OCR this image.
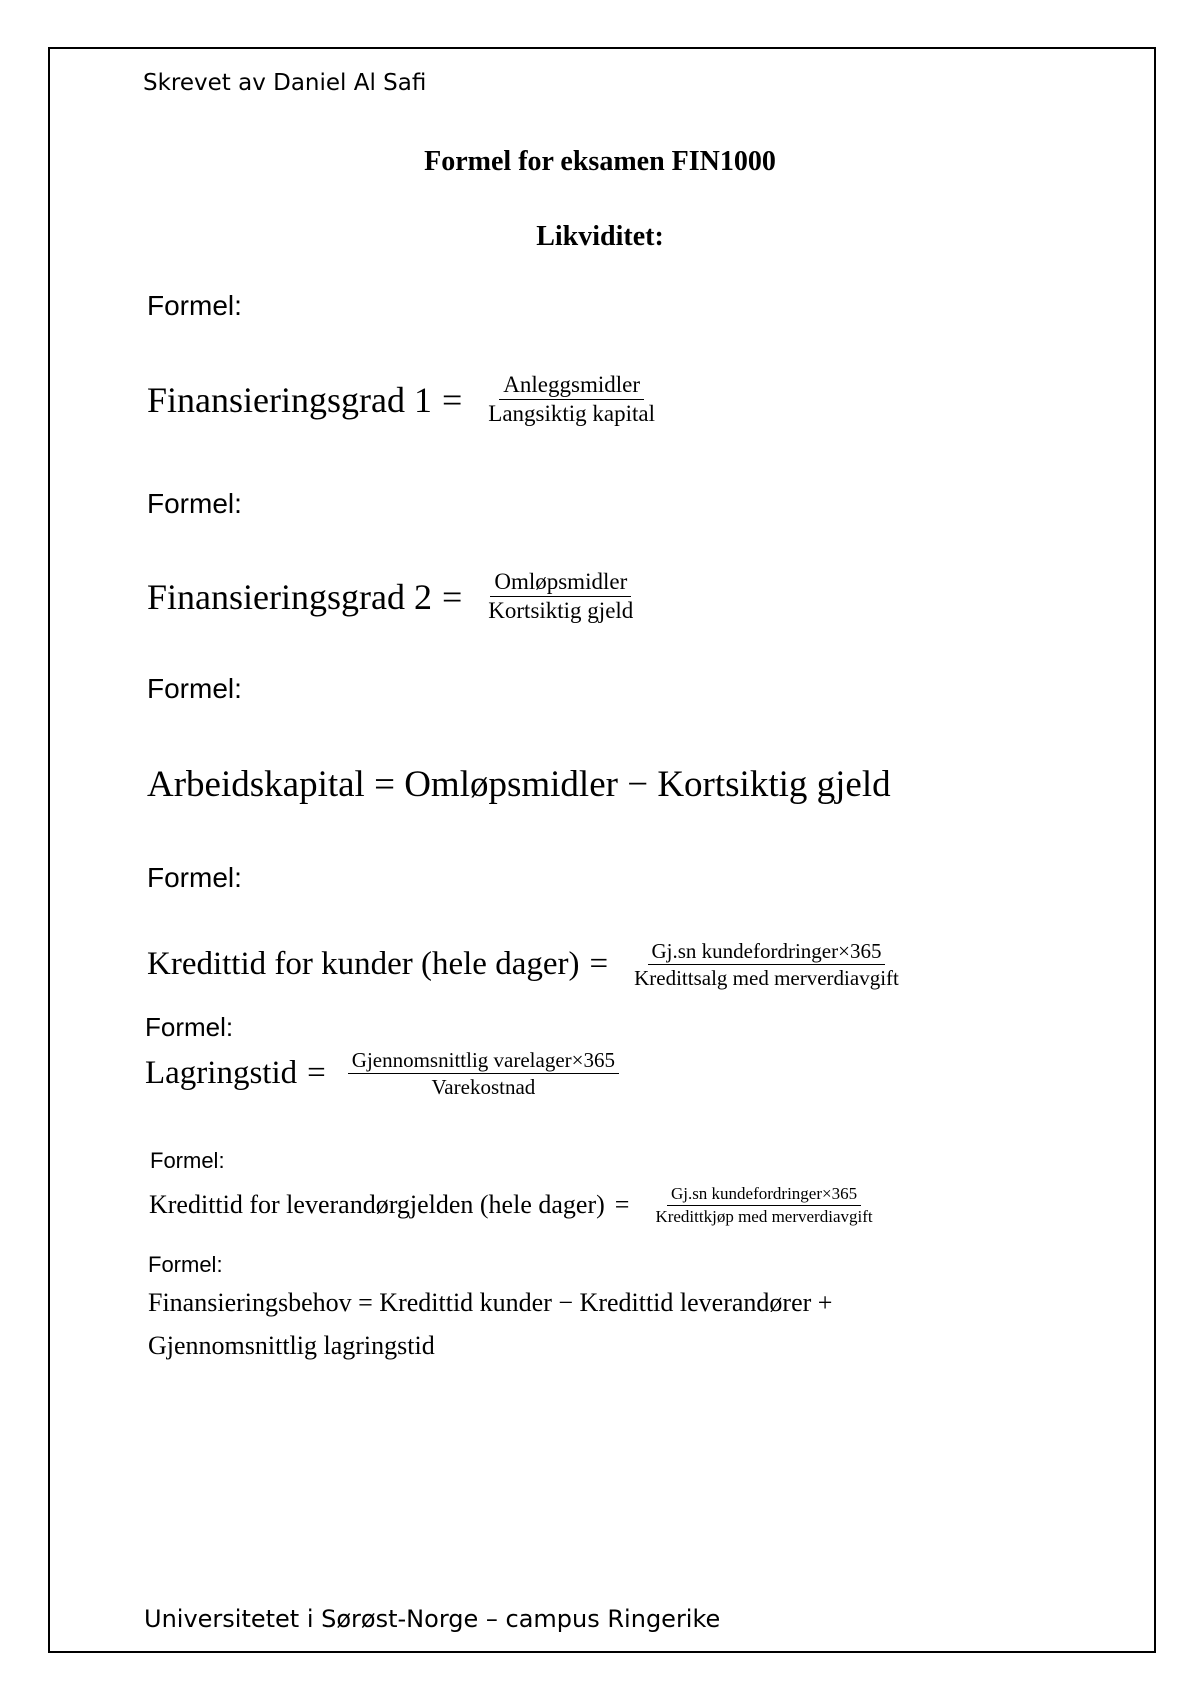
Skrevet av Daniel Al Safi
Formel for eksamen FIN1000
Likviditet:
Formel:
Finansieringsgrad $1 = \frac{\text{Anleggsmidler}}{\text{Langsiktig kapital}}$
Formel:
Finansieringsgrad $2 = \frac{\text{Omløpsmidler}}{\text{Kortsiktig gjeld}}$
Formel:
Arbeidskapital = Omløpsmidler − Kortsiktig gjeld
Formel:
Kredittid for kunder (hele dager) = $\frac{\text{Gj.sn kundefordringer×365}}{\text{Kredittsalg med merverdiavgift}}$
Formel:
Lagringstid = $\frac{\text{Gjennomsnittlig varelager×365}}{\text{Varekostnad}}$
Formel:
Kredittid for leverandørgjelden (hele dager) = $\frac{\text{Gj.sn kundefordringer×365}}{\text{Kredittkjøp med merverdiavgift}}$
Formel:
Finansieringsbehov = Kredittid kunder − Kredittid leverandører +
Gjennomsnittlig lagringstid
Universitetet i Sørøst-Norge – campus Ringerike
